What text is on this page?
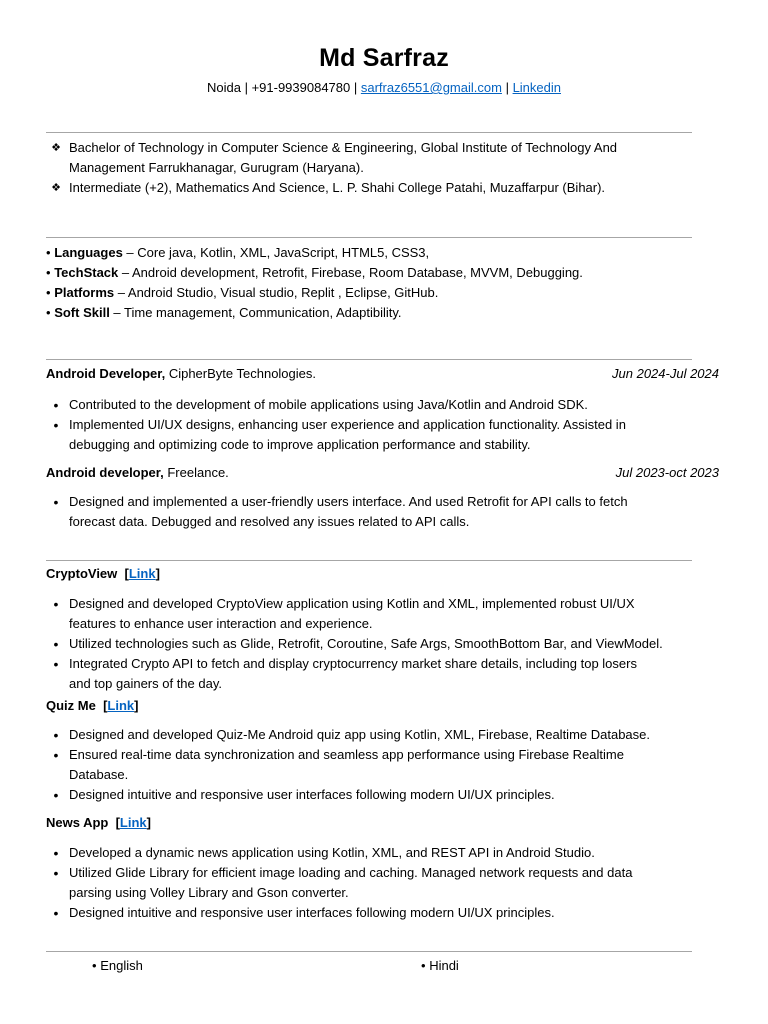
Md Sarfraz
Noida | +91-9939084780 | sarfraz6551@gmail.com | Linkedin
❖ Bachelor of Technology in Computer Science & Engineering, Global Institute of Technology And
Management Farrukhanagar, Gurugram (Haryana).
❖ Intermediate (+2), Mathematics And Science, L. P. Shahi College Patahi, Muzaffarpur (Bihar).
• Languages – Core java, Kotlin, XML, JavaScript, HTML5, CSS3,
• TechStack – Android development, Retrofit, Firebase, Room Database, MVVM, Debugging.
• Platforms – Android Studio, Visual studio, Replit , Eclipse, GitHub.
• Soft Skill – Time management, Communication, Adaptibility.
Android Developer, CipherByte Technologies.	Jun 2024-Jul 2024
• Contributed to the development of mobile applications using Java/Kotlin and Android SDK.
• Implemented UI/UX designs, enhancing user experience and application functionality. Assisted in
debugging and optimizing code to improve application performance and stability.
Android developer, Freelance.	Jul 2023-oct 2023
• Designed and implemented a user-friendly users interface. And used Retrofit for API calls to fetch
forecast data. Debugged and resolved any issues related to API calls.
CryptoView  [Link]
• Designed and developed CryptoView application using Kotlin and XML, implemented robust UI/UX
features to enhance user interaction and experience.
• Utilized technologies such as Glide, Retrofit, Coroutine, Safe Args, SmoothBottom Bar, and ViewModel.
• Integrated Crypto API to fetch and display cryptocurrency market share details, including top losers
and top gainers of the day.
Quiz Me  [Link]
• Designed and developed Quiz-Me Android quiz app using Kotlin, XML, Firebase, Realtime Database.
• Ensured real-time data synchronization and seamless app performance using Firebase Realtime
Database.
• Designed intuitive and responsive user interfaces following modern UI/UX principles.
News App  [Link]
• Developed a dynamic news application using Kotlin, XML, and REST API in Android Studio.
• Utilized Glide Library for efficient image loading and caching. Managed network requests and data
parsing using Volley Library and Gson converter.
• Designed intuitive and responsive user interfaces following modern UI/UX principles.
• English	• Hindi
